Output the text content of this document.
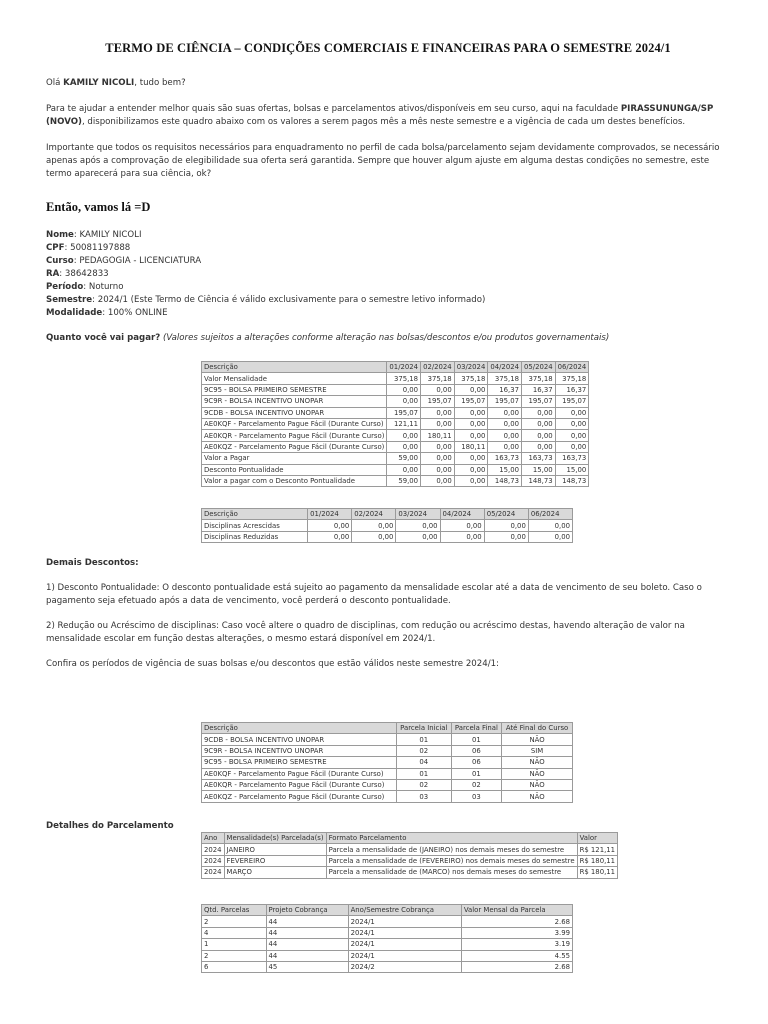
TERMO DE CIÊNCIA – CONDIÇÕES COMERCIAIS E FINANCEIRAS PARA O SEMESTRE 2024/1

Olá KAMILY NICOLI, tudo bem?

Para te ajudar a entender melhor quais são suas ofertas, bolsas e parcelamentos ativos/disponíveis em seu curso, aqui na faculdade PIRASSUNUNGA/SP (NOVO), disponibilizamos este quadro abaixo com os valores a serem pagos mês a mês neste semestre e a vigência de cada um destes benefícios.

Importante que todos os requisitos necessários para enquadramento no perfil de cada bolsa/parcelamento sejam devidamente comprovados, se necessário apenas após a comprovação de elegibilidade sua oferta será garantida. Sempre que houver algum ajuste em alguma destas condições no semestre, este termo aparecerá para sua ciência, ok?

Então, vamos lá =D
Nome: KAMILY NICOLI
CPF: 50081197888
Curso: PEDAGOGIA - LICENCIATURA
RA: 38642833
Período: Noturno
Semestre: 2024/1 (Este Termo de Ciência é válido exclusivamente para o semestre letivo informado)
Modalidade: 100% ONLINE

Quanto você vai pagar? (Valores sujeitos a alterações conforme alteração nas bolsas/descontos e/ou produtos governamentais)

Descrição	01/2024	02/2024	03/2024	04/2024	05/2024	06/2024
Valor Mensalidade	375,18	375,18	375,18	375,18	375,18	375,18
9C95 - BOLSA PRIMEIRO SEMESTRE	0,00	0,00	0,00	16,37	16,37	16,37
9C9R - BOLSA INCENTIVO UNOPAR	0,00	195,07	195,07	195,07	195,07	195,07
9CDB - BOLSA INCENTIVO UNOPAR	195,07	0,00	0,00	0,00	0,00	0,00
AE0KQF - Parcelamento Pague Fácil (Durante Curso)	121,11	0,00	0,00	0,00	0,00	0,00
AE0KQR - Parcelamento Pague Fácil (Durante Curso)	0,00	180,11	0,00	0,00	0,00	0,00
AE0KQZ - Parcelamento Pague Fácil (Durante Curso)	0,00	0,00	180,11	0,00	0,00	0,00
Valor a Pagar	59,00	0,00	0,00	163,73	163,73	163,73
Desconto Pontualidade	0,00	0,00	0,00	15,00	15,00	15,00
Valor a pagar com o Desconto Pontualidade	59,00	0,00	0,00	148,73	148,73	148,73
Descrição	01/2024	02/2024	03/2024	04/2024	05/2024	06/2024
Disciplinas Acrescidas	0,00	0,00	0,00	0,00	0,00	0,00
Disciplinas Reduzidas	0,00	0,00	0,00	0,00	0,00	0,00

Demais Descontos:

1) Desconto Pontualidade: O desconto pontualidade está sujeito ao pagamento da mensalidade escolar até a data de vencimento de seu boleto. Caso o pagamento seja efetuado após a data de vencimento, você perderá o desconto pontualidade.

2) Redução ou Acréscimo de disciplinas: Caso você altere o quadro de disciplinas, com redução ou acréscimo destas, havendo alteração de valor na mensalidade escolar em função destas alterações, o mesmo estará disponível em 2024/1.

Confira os períodos de vigência de suas bolsas e/ou descontos que estão válidos neste semestre 2024/1:

Descrição	Parcela Inicial	Parcela Final	Até Final do Curso
9CDB - BOLSA INCENTIVO UNOPAR	01	01	NÃO
9C9R - BOLSA INCENTIVO UNOPAR	02	06	SIM
9C95 - BOLSA PRIMEIRO SEMESTRE	04	06	NÃO
AE0KQF - Parcelamento Pague Fácil (Durante Curso)	01	01	NÃO
AE0KQR - Parcelamento Pague Fácil (Durante Curso)	02	02	NÃO
AE0KQZ - Parcelamento Pague Fácil (Durante Curso)	03	03	NÃO

Detalhes do Parcelamento

Ano	Mensalidade(s) Parcelada(s)	Formato Parcelamento	Valor
2024	JANEIRO	Parcela a mensalidade de (JANEIRO) nos demais meses do semestre	R$ 121,11
2024	FEVEREIRO	Parcela a mensalidade de (FEVEREIRO) nos demais meses do semestre	R$ 180,11
2024	MARÇO	Parcela a mensalidade de (MARCO) nos demais meses do semestre	R$ 180,11
Qtd. Parcelas	Projeto Cobrança	Ano/Semestre Cobrança	Valor Mensal da Parcela
2	44	2024/1	2.68
4	44	2024/1	3.99
1	44	2024/1	3.19
2	44	2024/1	4.55
6	45	2024/2	2.68
